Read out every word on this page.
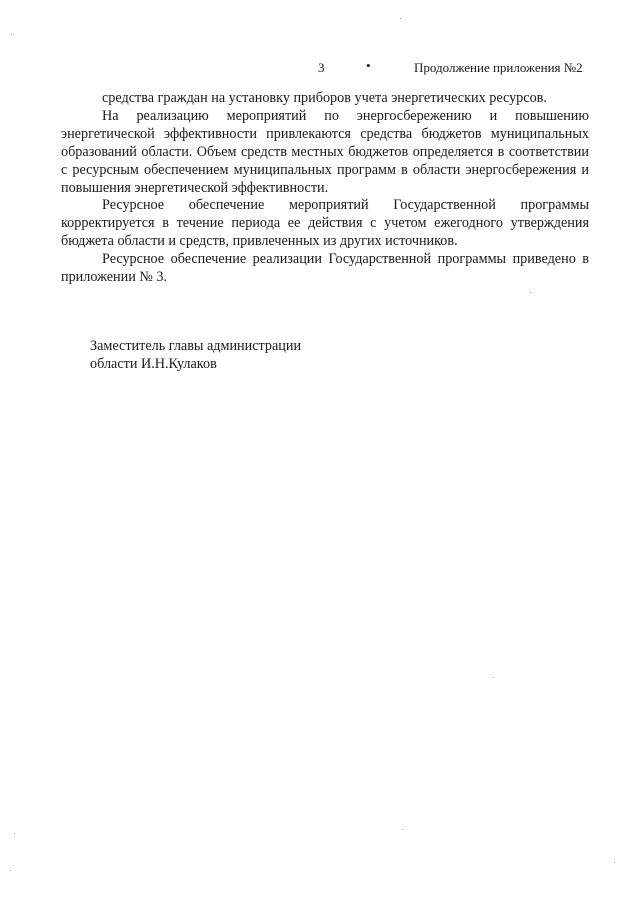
3	•	Продолжение приложения №2

средства граждан на установку приборов учета энергетических ресурсов.

На реализацию мероприятий по энергосбережению и повышению энергетической эффективности привлекаются средства бюджетов муниципальных образований области. Объем средств местных бюджетов определяется в соответствии с ресурсным обеспечением муниципальных программ в области энергосбережения и повышения энергетической эффективности.

Ресурсное обеспечение мероприятий Государственной программы корректируется в течение периода ее действия с учетом ежегодного утверждения бюджета области и средств, привлеченных из других источников.

Ресурсное обеспечение реализации Государственной программы приведено в приложении № 3.

Заместитель главы администрации
области И.Н.Кулаков
